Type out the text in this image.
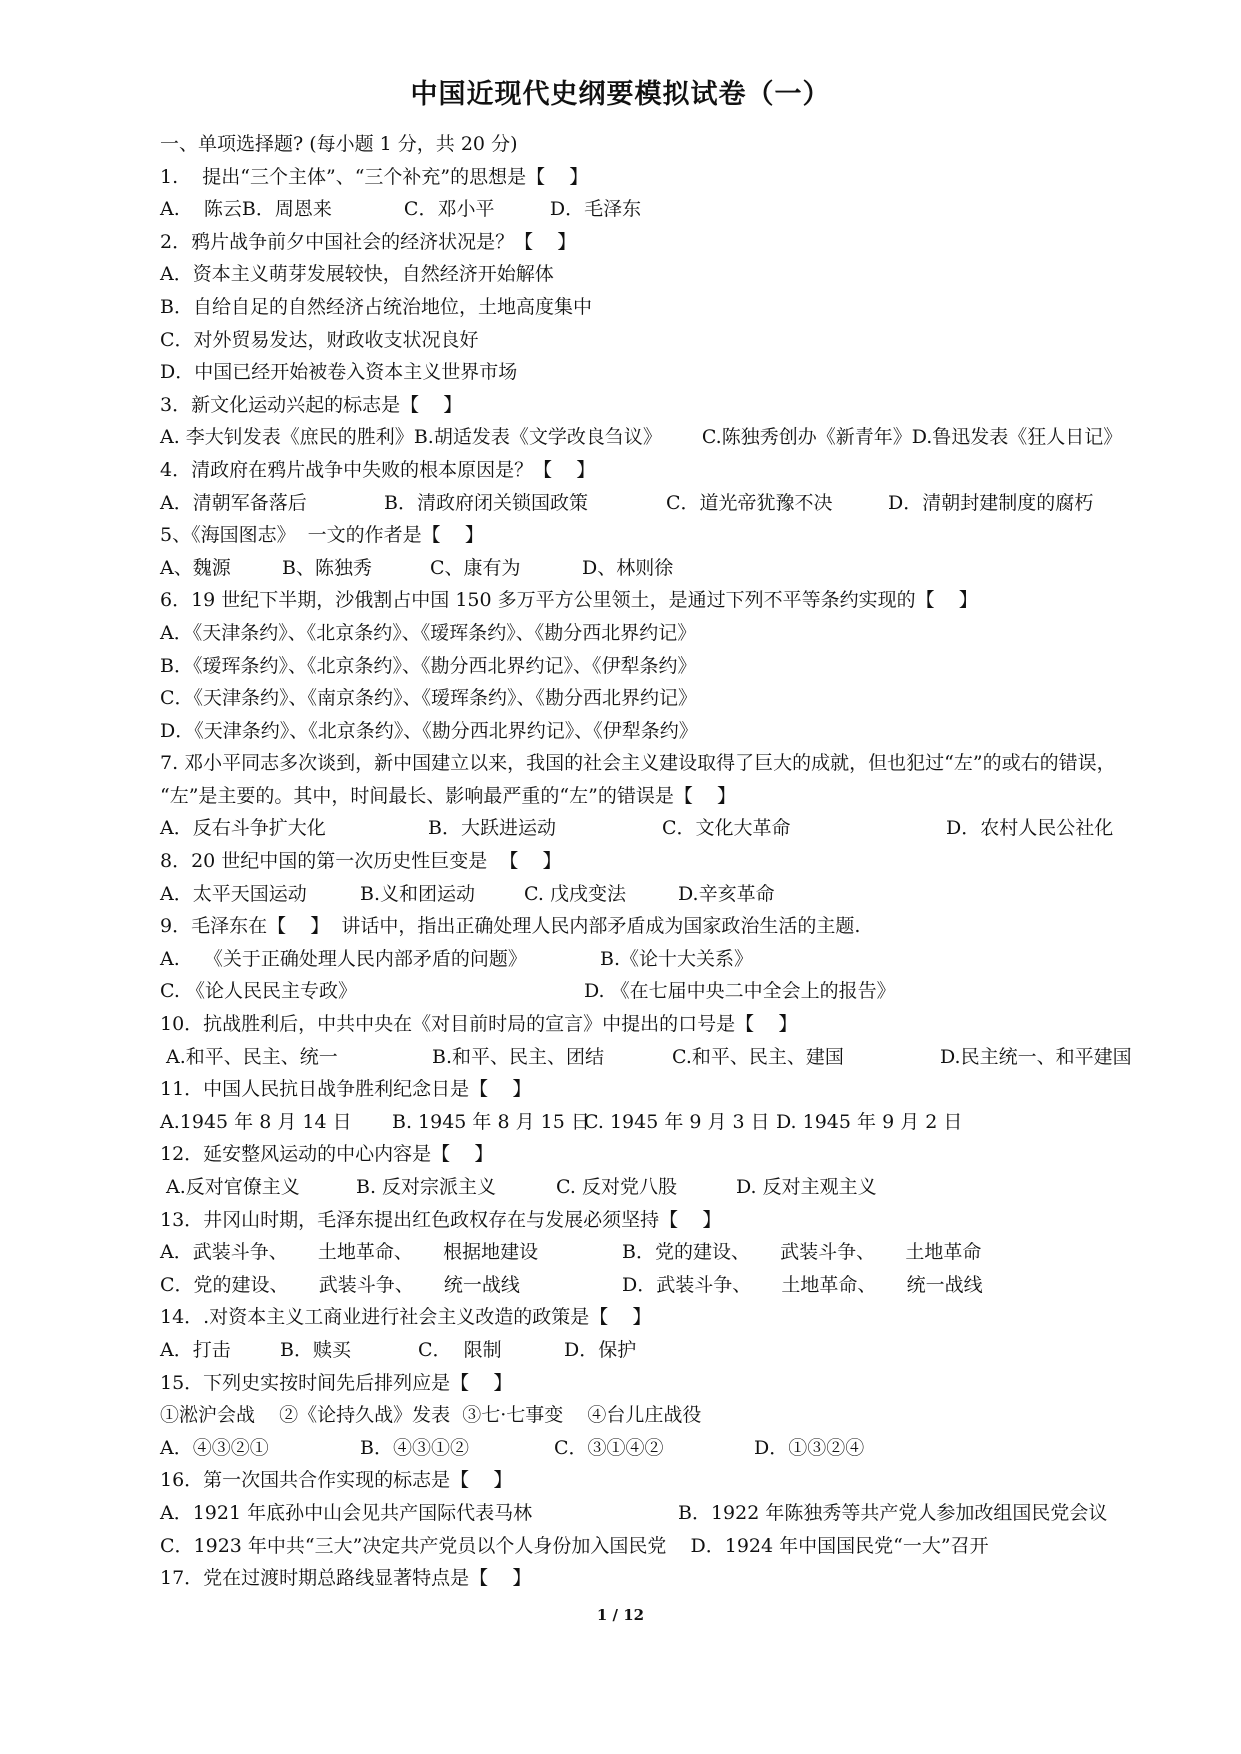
中国近现代史纲要模拟试卷（一）
一、单项选择题? (每小题 1 分，共 20 分)
1.    提出“三个主体”、“三个补充”的思想是【    】
A.    陈云B．周恩来	C．邓小平	D．毛泽东
2．鸦片战争前夕中国社会的经济状况是？【    】
A．资本主义萌芽发展较快，自然经济开始解体
B．自给自足的自然经济占统治地位，土地高度集中
C．对外贸易发达，财政收支状况良好
D．中国已经开始被卷入资本主义世界市场
3．新文化运动兴起的标志是【    】
A. 李大钊发表《庶民的胜利》B.胡适发表《文学改良刍议》 C.陈独秀创办《新青年》D.鲁迅发表《狂人日记》
4．清政府在鸦片战争中失败的根本原因是？【    】
A．清朝军备落后	B．清政府闭关锁国政策	C．道光帝犹豫不决	D．清朝封建制度的腐朽
5、《海国图志》  一文的作者是【    】
A、魏源	B、陈独秀	C、康有为	D、林则徐
6．19 世纪下半期，沙俄割占中国 150 多万平方公里领土，是通过下列不平等条约实现的【    】
A．《天津条约》、《北京条约》、《瑷珲条约》、《勘分西北界约记》
B．《瑷珲条约》、《北京条约》、《勘分西北界约记》、《伊犁条约》
C．《天津条约》、《南京条约》、《瑷珲条约》、《勘分西北界约记》
D．《天津条约》、《北京条约》、《勘分西北界约记》、《伊犁条约》
7. 邓小平同志多次谈到，新中国建立以来，我国的社会主义建设取得了巨大的成就，但也犯过“左”的或右的错误，
“左”是主要的。其中，时间最长、影响最严重的“左”的错误是【    】
A．反右斗争扩大化	B．大跃进运动	C．文化大革命	D．农村人民公社化
8．20 世纪中国的第一次历史性巨变是  【    】
A．太平天国运动	B.义和团运动	C. 戊戌变法	D.辛亥革命
9．毛泽东在【    】  讲话中，指出正确处理人民内部矛盾成为国家政治生活的主题.
A.    《关于正确处理人民内部矛盾的问题》	B.《论十大关系》
C. 《论人民民主专政》	D. 《在七届中央二中全会上的报告》
10．抗战胜利后，中共中央在《对目前时局的宣言》中提出的口号是【    】
A.和平、民主、统一	B.和平、民主、团结	C.和平、民主、建国	D.民主统一、和平建国
11．中国人民抗日战争胜利纪念日是【    】
A.1945 年 8 月 14 日 B. 1945 年 8 月 15 日C. 1945 年 9 月 3 日 D. 1945 年 9 月 2 日
12．延安整风运动的中心内容是【    】
A.反对官僚主义	B. 反对宗派主义	C. 反对党八股	D. 反对主观主义
13．井冈山时期，毛泽东提出红色政权存在与发展必须坚持【    】
A．武装斗争、     土地革命、     根据地建设	B．党的建设、     武装斗争、     土地革命
C．党的建设、     武装斗争、     统一战线	D．武装斗争、     土地革命、     统一战线
14．.对资本主义工商业进行社会主义改造的政策是【    】
A．打击	B．赎买	C．  限制	D．保护
15．下列史实按时间先后排列应是【    】
①淞沪会战    ②《论持久战》发表  ③七·七事变    ④台儿庄战役
A．④③②①	B．④③①②	C．③①④②	D．①③②④
16．第一次国共合作实现的标志是【    】
A．1921 年底孙中山会见共产国际代表马林	B．1922 年陈独秀等共产党人参加改组国民党会议
C．1923 年中共“三大”决定共产党员以个人身份加入国民党    D．1924 年中国国民党“一大”召开
17．党在过渡时期总路线显著特点是【    】
1 / 12
